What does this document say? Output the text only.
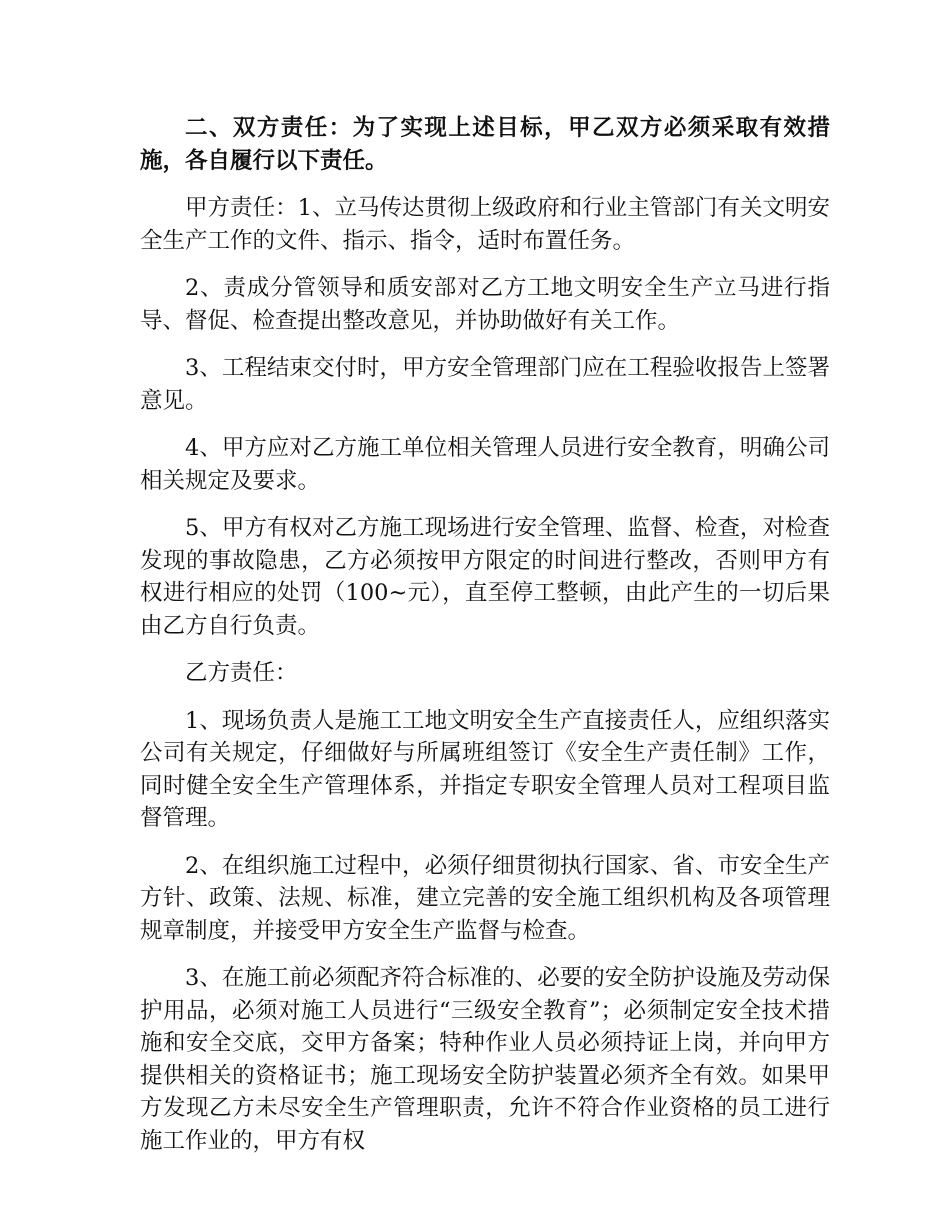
二、双方责任：为了实现上述目标，甲乙双方必须采取有效措施，各自履行以下责任。

甲方责任：1、立马传达贯彻上级政府和行业主管部门有关文明安全生产工作的文件、指示、指令，适时布置任务。

2、责成分管领导和质安部对乙方工地文明安全生产立马进行指导、督促、检查提出整改意见，并协助做好有关工作。

3、工程结束交付时，甲方安全管理部门应在工程验收报告上签署意见。

4、甲方应对乙方施工单位相关管理人员进行安全教育，明确公司相关规定及要求。

5、甲方有权对乙方施工现场进行安全管理、监督、检查，对检查发现的事故隐患，乙方必须按甲方限定的时间进行整改，否则甲方有权进行相应的处罚（100~元），直至停工整顿，由此产生的一切后果由乙方自行负责。

乙方责任：

1、现场负责人是施工工地文明安全生产直接责任人，应组织落实公司有关规定，仔细做好与所属班组签订《安全生产责任制》工作，同时健全安全生产管理体系，并指定专职安全管理人员对工程项目监督管理。

2、在组织施工过程中，必须仔细贯彻执行国家、省、市安全生产方针、政策、法规、标准，建立完善的安全施工组织机构及各项管理规章制度，并接受甲方安全生产监督与检查。

3、在施工前必须配齐符合标准的、必要的安全防护设施及劳动保护用品，必须对施工人员进行“三级安全教育”；必须制定安全技术措施和安全交底，交甲方备案；特种作业人员必须持证上岗，并向甲方提供相关的资格证书；施工现场安全防护装置必须齐全有效。如果甲方发现乙方未尽安全生产管理职责，允许不符合作业资格的员工进行施工作业的，甲方有权
